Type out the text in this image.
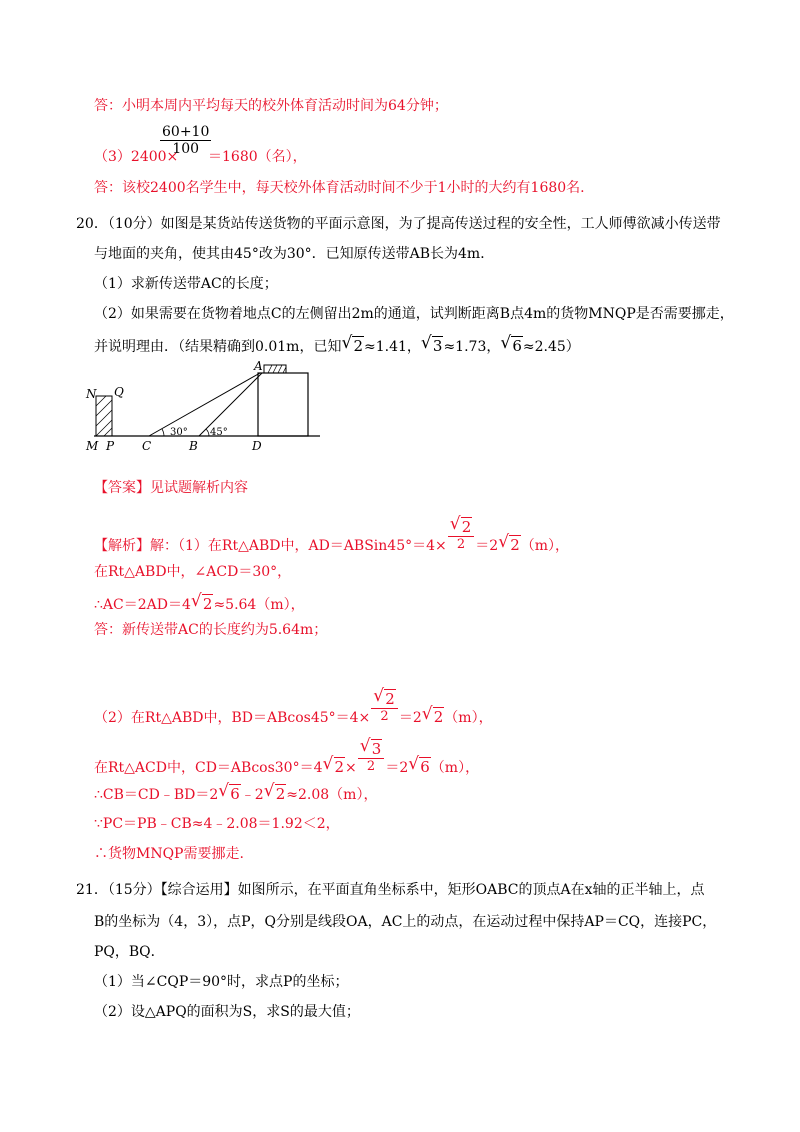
答：小明本周内平均每天的校外体育活动时间为64分钟；
$\frac{60+10}{100}$
（3）2400× ＝1680（名），
答：该校2400名学生中，每天校外体育活动时间不少于1小时的大约有1680名.
20．（10分）如图是某货站传送货物的平面示意图，为了提高传送过程的安全性，工人师傅欲减小传送带
与地面的夹角，使其由45°改为30°．已知原传送带AB长为4m．
（1）求新传送带AC的长度；
（2）如果需要在货物着地点C的左侧留出2m的通道，试判断距离B点4m的货物MNQP是否需要挪走，
并说明理由．（结果精确到0.01m，已知√ 2≈1.41，√ 3≈1.73，√ 6≈2.45）
A
N Q
M P C	B	D
30° 45°
【答案】见试题解析内容
【解析】解：（1）在Rt△ABD中，AD＝ABSin45°＝4×
√ $\frac{2}{2} =2√$ 2（m），
在Rt△ABD中，∠ACD＝30°，
∴AC＝2AD＝4√ 2≈5.64（m），
答：新传送带AC的长度约为5.64m；
（2）在Rt△ABD中，BD＝ABcos45°＝4×
√ $\frac{2}{2} =2√$ 2（m），
在Rt△ACD中，CD＝ABcos30°＝4√ 2×
√ $\frac{3}{2} =2√$ 6（m），
∴CB＝CD﹣BD＝2√ 6﹣2√ 2≈2.08（m），
∵PC＝PB﹣CB≈4﹣2.08＝1.92＜2，
∴货物MNQP需要挪走.
21．（15分）【综合运用】如图所示，在平面直角坐标系中，矩形OABC的顶点A在x轴的正半轴上，点
B的坐标为（4，3），点P，Q分别是线段OA，AC上的动点，在运动过程中保持AP＝CQ，连接PC，
PQ，BQ．
（1）当∠CQP＝90°时，求点P的坐标；
（2）设△APQ的面积为S，求S的最大值；
